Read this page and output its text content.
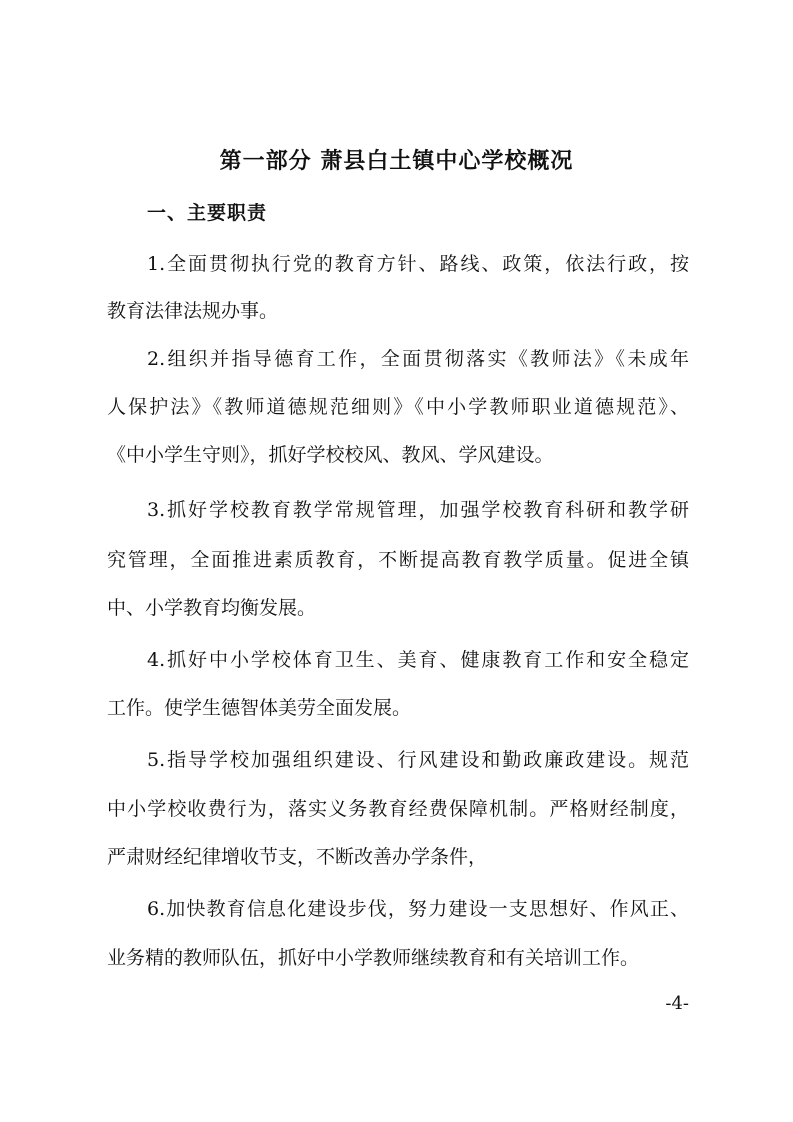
第一部分 萧县白土镇中心学校概况
一、主要职责
1.全面贯彻执行党的教育方针、路线、政策，依法行政，按
教育法律法规办事。
2.组织并指导德育工作，全面贯彻落实《教师法》《未成年
人保护法》《教师道德规范细则》《中小学教师职业道德规范》、
《中小学生守则》，抓好学校校风、教风、学风建设。
3.抓好学校教育教学常规管理，加强学校教育科研和教学研
究管理，全面推进素质教育，不断提高教育教学质量。促进全镇
中、小学教育均衡发展。
4.抓好中小学校体育卫生、美育、健康教育工作和安全稳定
工作。使学生德智体美劳全面发展。
5.指导学校加强组织建设、行风建设和勤政廉政建设。规范
中小学校收费行为，落实义务教育经费保障机制。严格财经制度，
严肃财经纪律增收节支，不断改善办学条件，
6.加快教育信息化建设步伐，努力建设一支思想好、作风正、
业务精的教师队伍，抓好中小学教师继续教育和有关培训工作。
-4-
